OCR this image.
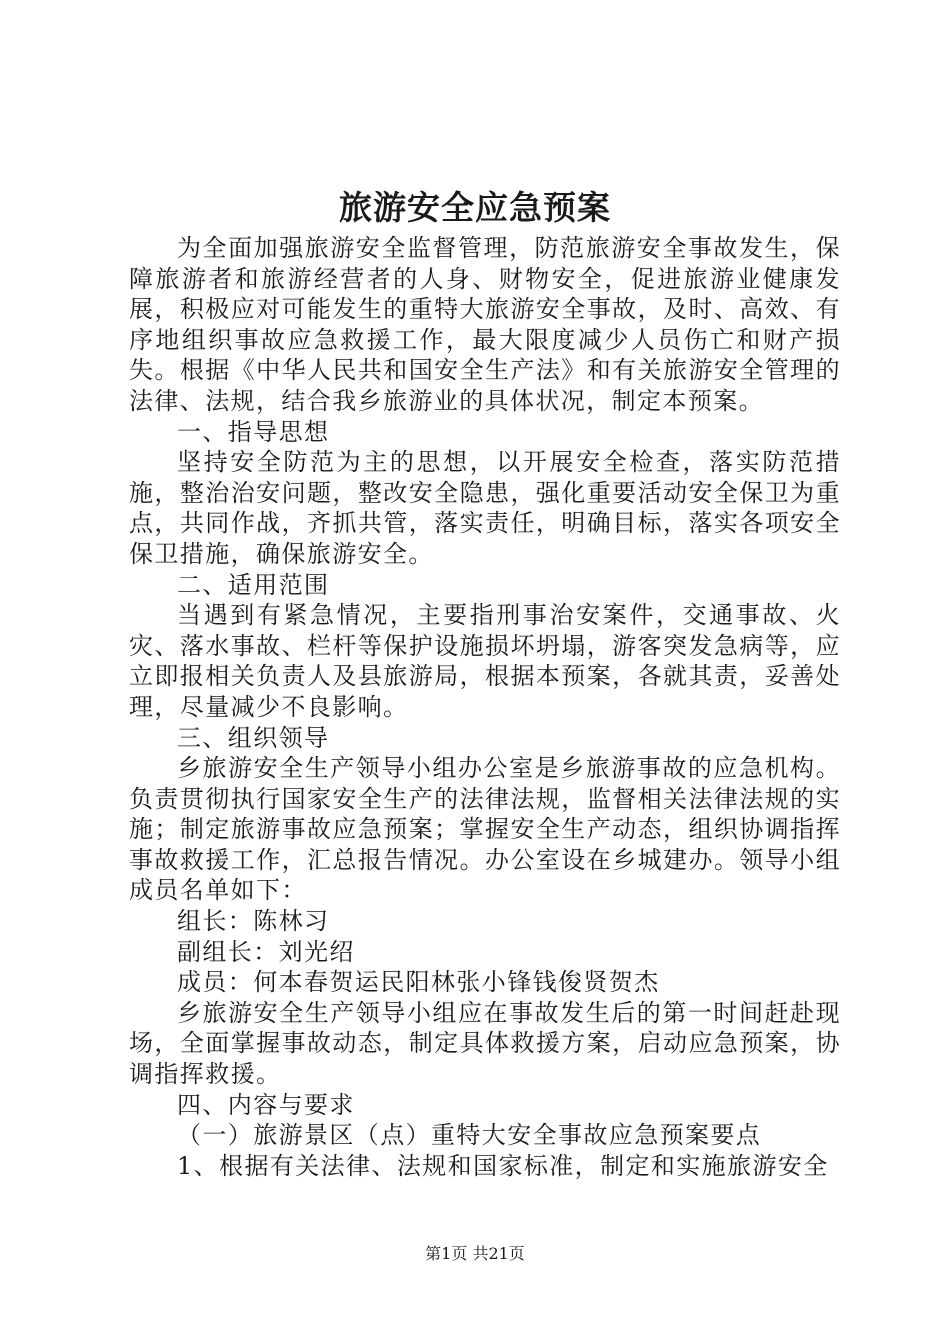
旅游安全应急预案

为全面加强旅游安全监督管理，防范旅游安全事故发生，保障旅游者和旅游经营者的人身、财物安全，促进旅游业健康发展，积极应对可能发生的重特大旅游安全事故，及时、高效、有序地组织事故应急救援工作，最大限度减少人员伤亡和财产损失。根据《中华人民共和国安全生产法》和有关旅游安全管理的法律、法规，结合我乡旅游业的具体状况，制定本预案。

一、指导思想

坚持安全防范为主的思想，以开展安全检查，落实防范措施，整治治安问题，整改安全隐患，强化重要活动安全保卫为重点，共同作战，齐抓共管，落实责任，明确目标，落实各项安全保卫措施，确保旅游安全。

二、适用范围

当遇到有紧急情况，主要指刑事治安案件，交通事故、火灾、落水事故、栏杆等保护设施损坏坍塌，游客突发急病等，应立即报相关负责人及县旅游局，根据本预案，各就其责，妥善处理，尽量减少不良影响。

三、组织领导

乡旅游安全生产领导小组办公室是乡旅游事故的应急机构。负责贯彻执行国家安全生产的法律法规，监督相关法律法规的实施；制定旅游事故应急预案；掌握安全生产动态，组织协调指挥事故救援工作，汇总报告情况。办公室设在乡城建办。领导小组成员名单如下：

组长：陈林习

副组长：刘光绍

成员：何本春贺运民阳林张小锋钱俊贤贺杰

乡旅游安全生产领导小组应在事故发生后的第一时间赶赴现场，全面掌握事故动态，制定具体救援方案，启动应急预案，协调指挥救援。

四、内容与要求

（一）旅游景区（点）重特大安全事故应急预案要点

1、根据有关法律、法规和国家标准，制定和实施旅游安全

第1页 共21页
